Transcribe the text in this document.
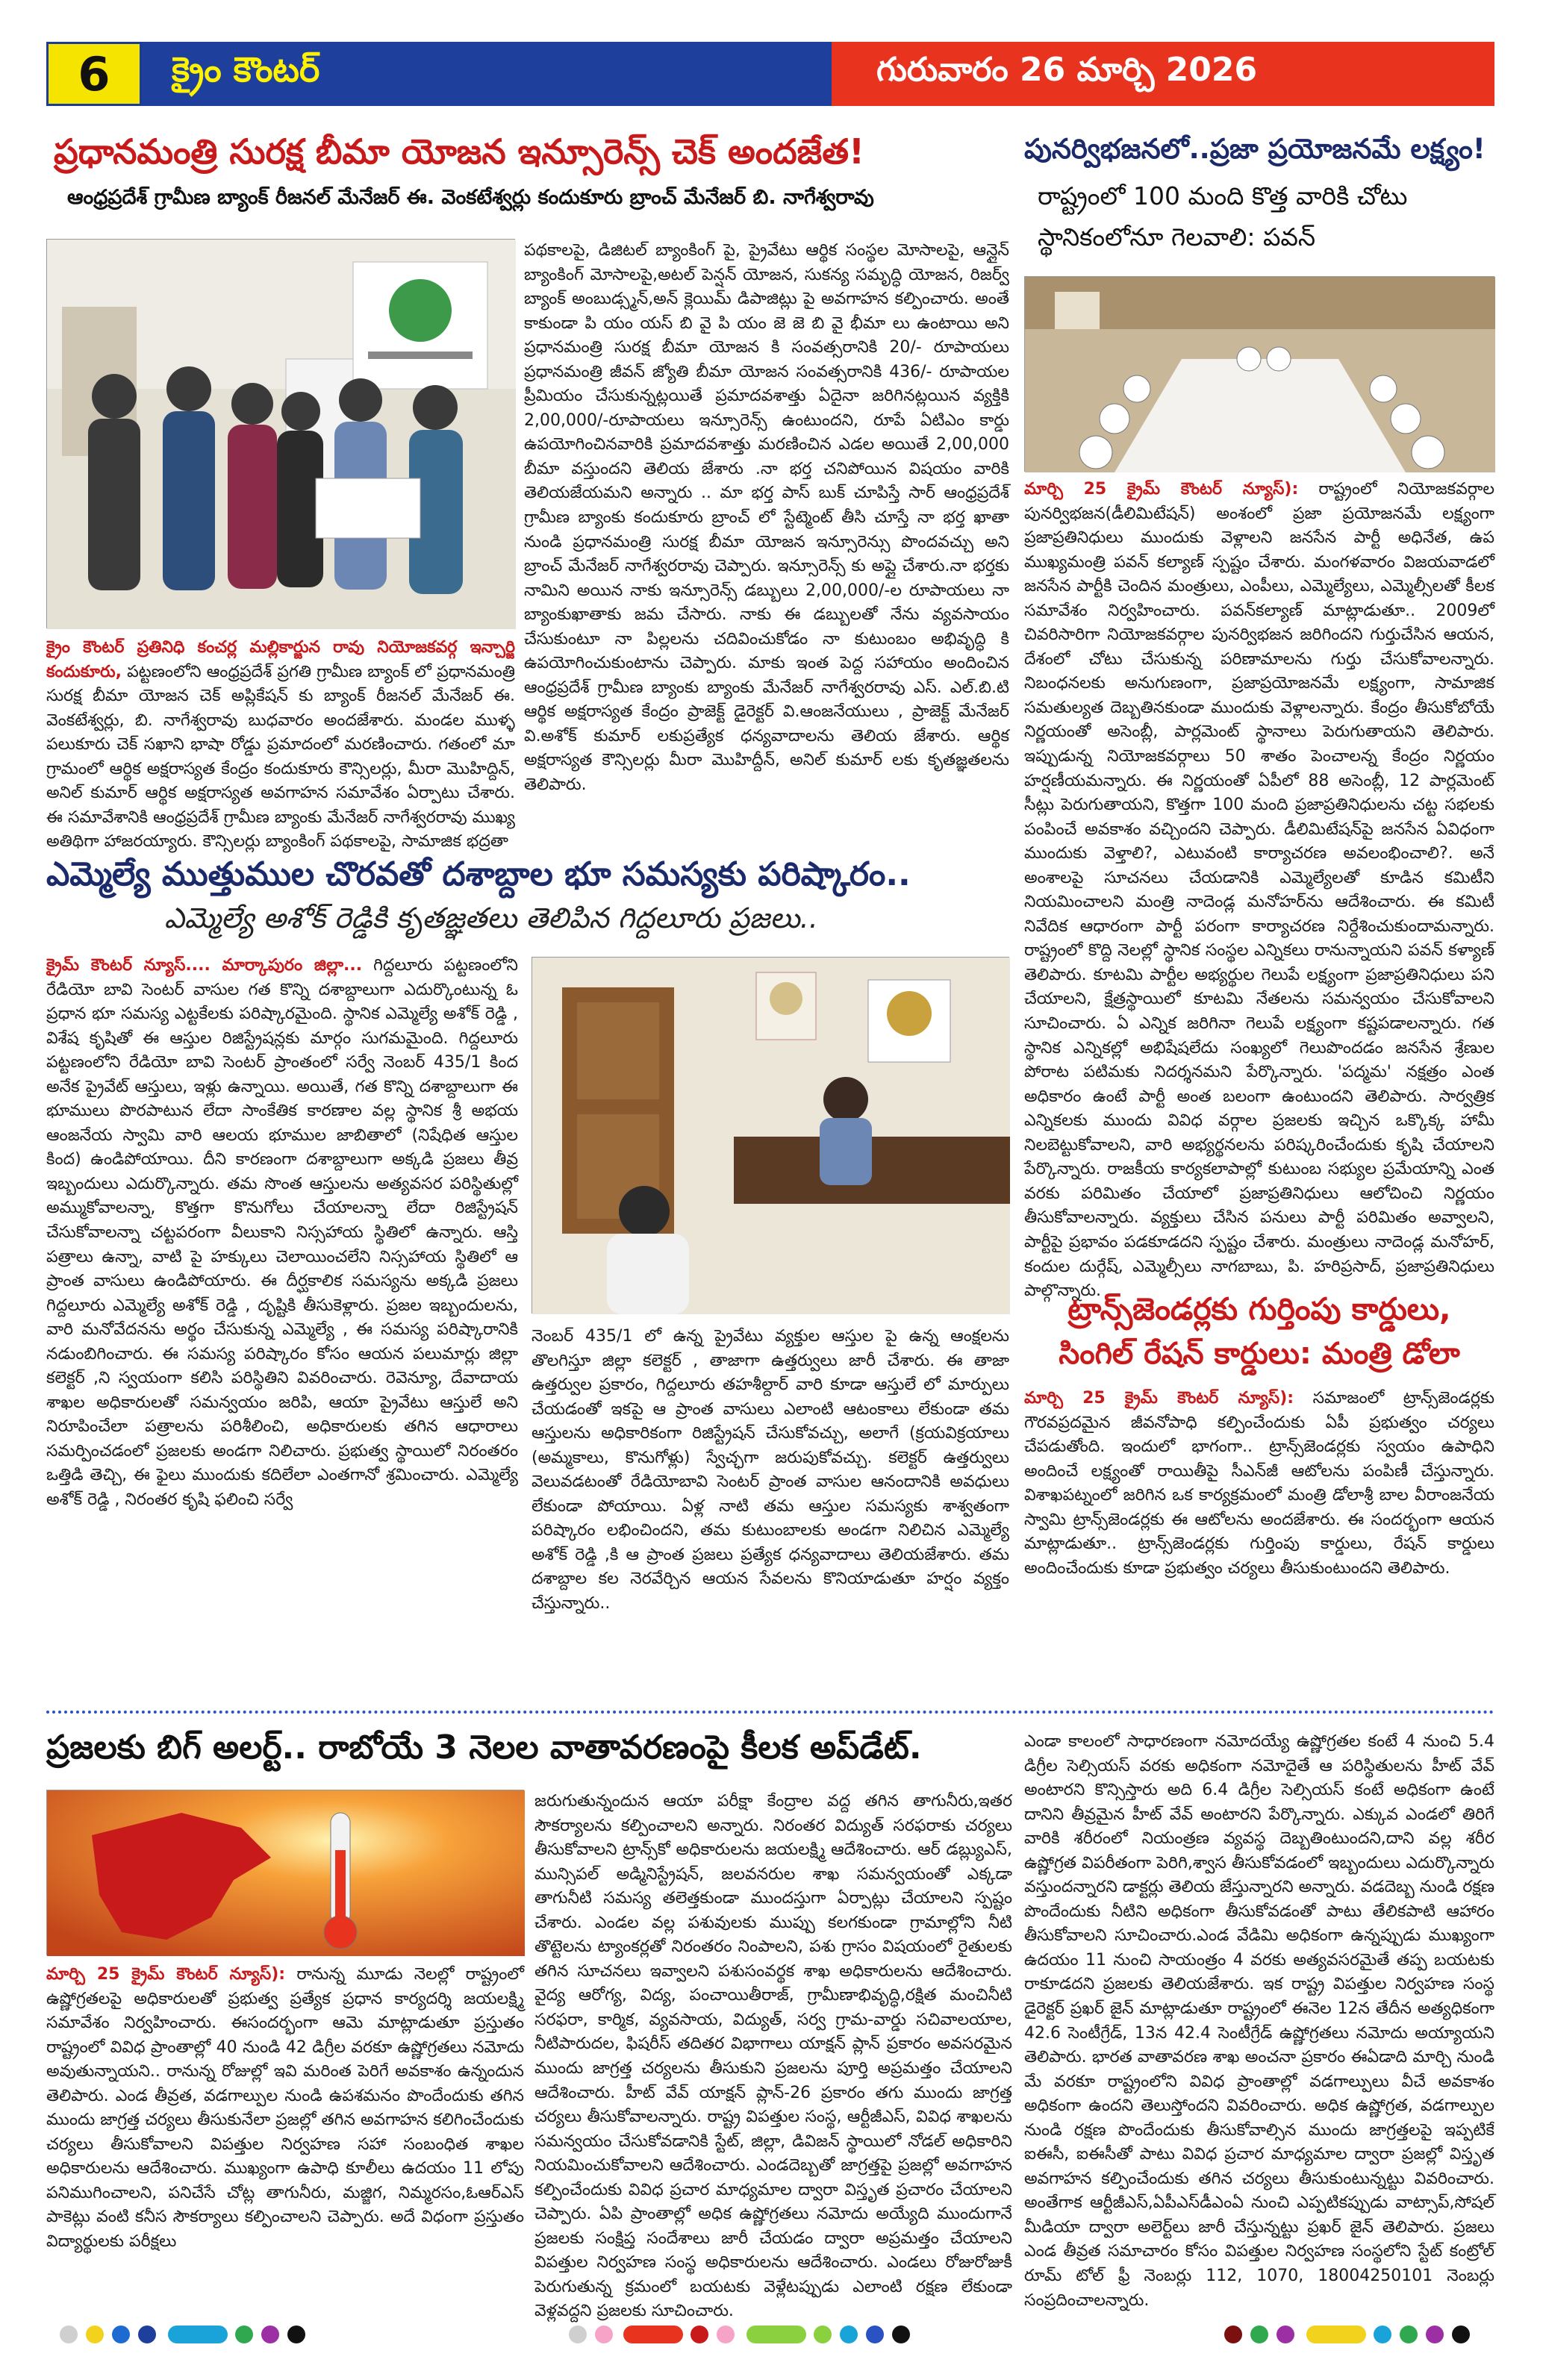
6	క్రైం కౌంటర్	గురువారం 26 మార్చి 2026
ప్రధానమంత్రి సురక్ష బీమా యోజన ఇన్సూరెన్స్ చెక్ అందజేత!
ఆంధ్రప్రదేశ్ గ్రామీణ బ్యాంక్ రీజనల్ మేనేజర్ ఈ. వెంకటేశ్వర్లు కందుకూరు బ్రాంచ్ మేనేజర్ బి. నాగేశ్వరావు
క్రైం కౌంటర్ ప్రతినిధి కంచర్ల మల్లికార్జున రావు నియోజకవర్గ ఇన్చార్జి కందుకూరు, పట్టణంలోని ఆంధ్రప్రదేశ్ ప్రగతి గ్రామీణ బ్యాంక్ లో ప్రధానమంత్రి సురక్ష బీమా యోజన చెక్ అప్లికేషన్ కు బ్యాంక్ రీజనల్ మేనేజర్ ఈ. వెంకటేశ్వర్లు, బి. నాగేశ్వరావు బుధవారం అందజేశారు. మండల ముళ్ళ పలుకూరు చెక్ సఖాని భాషా రోడ్డు ప్రమాదంలో మరణించారు. గతంలో మా గ్రామంలో ఆర్థిక అక్షరాస్యత కేంద్రం కందుకూరు కౌన్సిలర్లు, మీరా మొహిద్దిన్, అనిల్ కుమార్ ఆర్థిక అక్షరాస్యత అవగాహన సమావేశం ఏర్పాటు చేశారు. ఈ సమావేశానికి ఆంధ్రప్రదేశ్ గ్రామీణ బ్యాంకు మేనేజర్ నాగేశ్వరరావు ముఖ్య అతిథిగా హాజరయ్యారు. కౌన్సిలర్లు బ్యాంకింగ్ పథకాలపై, సామాజిక భద్రతా
పథకాలపై, డిజిటల్ బ్యాంకింగ్ పై, ప్రైవేటు ఆర్థిక సంస్థల మోసాలపై, ఆన్లైన్ బ్యాంకింగ్ మోసాలపై,అటల్ పెన్షన్ యోజన, సుకన్య సమృద్ధి యోజన, రిజర్వ్ బ్యాంక్ అంబుడ్స్మన్,అన్ క్లెయిమ్ డిపాజిట్లు పై అవగాహన కల్పించారు. అంతే కాకుండా పి యం యస్ బి వై పి యం జె జె బి వై భీమా లు ఉంటాయి అని ప్రధానమంత్రి సురక్ష బీమా యోజన కి సంవత్సరానికి 20/- రూపాయలు ప్రధానమంత్రి జీవన్ జ్యోతి బీమా యోజన సంవత్సరానికి 436/- రూపాయల ప్రీమియం చేసుకున్నట్లయితే ప్రమాదవశాత్తు ఏదైనా జరిగినట్లయిన వ్యక్తికి 2,00,000/-రూపాయలు ఇన్సూరెన్స్ ఉంటుందని, రూపే ఏటిఎం కార్డు ఉపయోగించినవారికి ప్రమాదవశాత్తు మరణించిన ఎడల అయితే 2,00,000 బీమా వస్తుందని తెలియ జేశారు .నా భర్త చనిపోయిన విషయం వారికి తెలియజేయమని అన్నారు .. మా భర్త పాస్ బుక్ చూపిస్తే సార్ ఆంధ్రప్రదేశ్ గ్రామీణ బ్యాంకు కందుకూరు బ్రాంచ్ లో స్టేట్మెంట్ తీసి చూస్తే నా భర్త ఖాతా నుండి ప్రధానమంత్రి సురక్ష బీమా యోజన ఇన్సూరెన్సు పొందవచ్చు అని బ్రాంచ్ మేనేజర్ నాగేశ్వరరావు చెప్పారు. ఇన్సూరెన్స్ కు అప్లై చేశారు.నా భర్తకు నామిని అయిన నాకు ఇన్సూరెన్స్ డబ్బులు 2,00,000/-ల రూపాయలు నా బ్యాంకుఖాతాకు జమ చేసారు. నాకు ఈ డబ్బులతో నేను వ్యవసాయం చేసుకుంటూ నా పిల్లలను చదివించుకోడం నా కుటుంబం అభివృద్ధి కి ఉపయోగించుకుంటాను చెప్పారు. మాకు ఇంత పెద్ద సహాయం అందించిన ఆంధ్రప్రదేశ్ గ్రామీణ బ్యాంకు బ్యాంకు మేనేజర్ నాగేశ్వరరావు ఎస్. ఎల్.బి.టి ఆర్థిక అక్షరాస్యత కేంద్రం ప్రాజెక్ట్ డైరెక్టర్ వి.ఆంజనేయులు , ప్రాజెక్ట్ మేనేజర్ వి.అశోక్ కుమార్ లకుప్రత్యేక ధన్యవాదాలను తెలియ జేశారు. ఆర్థిక అక్షరాస్యత కౌన్సిలర్లు మీరా మొహిద్దీన్, అనిల్ కుమార్ లకు కృతజ్ఞతలను తెలిపారు.
పునర్విభజనలో..ప్రజా ప్రయోజనమే లక్ష్యం!
రాష్ట్రంలో 100 మంది కొత్త వారికి చోటు
స్థానికంలోనూ గెలవాలి: పవన్
మార్చి 25 క్రైమ్ కౌంటర్ న్యూస్): రాష్ట్రంలో నియోజకవర్గాల పునర్విభజన(డీలిమిటేషన్) అంశంలో ప్రజా ప్రయోజనమే లక్ష్యంగా ప్రజాప్రతినిధులు ముందుకు వెళ్లాలని జనసేన పార్టీ అధినేత, ఉప ముఖ్యమంత్రి పవన్ కల్యాణ్ స్పష్టం చేశారు. మంగళవారం విజయవాడలో జనసేన పార్టీకి చెందిన మంత్రులు, ఎంపీలు, ఎమ్మెల్యేలు, ఎమ్మెల్సీలతో కీలక సమావేశం నిర్వహించారు. పవన్‌కల్యాణ్ మాట్లాడుతూ.. 2009లో చివరిసారిగా నియోజకవర్గాల పునర్విభజన జరిగిందని గుర్తుచేసిన ఆయన, దేశంలో చోటు చేసుకున్న పరిణామాలను గుర్తు చేసుకోవాలన్నారు. నిబంధనలకు అనుగుణంగా, ప్రజాప్రయోజనమే లక్ష్యంగా, సామాజిక సమతుల్యత దెబ్బతినకుండా ముందుకు వెళ్లాలన్నారు. కేంద్రం తీసుకోబోయే నిర్ణయంతో అసెంబ్లీ, పార్లమెంట్ స్థానాలు పెరుగుతాయని తెలిపారు. ఇప్పుడున్న నియోజకవర్గాలు 50 శాతం పెంచాలన్న కేంద్రం నిర్ణయం హర్షణీయమన్నారు. ఈ నిర్ణయంతో ఏపీలో 88 అసెంబ్లీ, 12 పార్లమెంట్ సీట్లు పెరుగుతాయని, కొత్తగా 100 మంది ప్రజాప్రతినిధులను చట్ట సభలకు పంపించే అవకాశం వచ్చిందని చెప్పారు. డీలిమిటేషన్‌పై జనసేన ఏవిధంగా ముందుకు వెళ్తాలి?, ఎటువంటి కార్యాచరణ అవలంభించాలి?. అనే అంశాలపై సూచనలు చేయడానికి ఎమ్మెల్యేలతో కూడిన కమిటీని నియమించాలని మంత్రి నాదెండ్ల మనోహర్‌ను ఆదేశించారు. ఈ కమిటీ నివేదిక ఆధారంగా పార్టీ పరంగా కార్యాచరణ నిర్దేశించుకుందామన్నారు. రాష్ట్రంలో కొద్ది నెలల్లో స్థానిక సంస్థల ఎన్నికలు రానున్నాయని పవన్ కళ్యాణ్ తెలిపారు. కూటమి పార్టీల అభ్యర్థుల గెలుపే లక్ష్యంగా ప్రజాప్రతినిధులు పని చేయాలని, క్షేత్రస్థాయిలో కూటమి నేతలను సమన్వయం చేసుకోవాలని సూచించారు. ఏ ఎన్నిక జరిగినా గెలుపే లక్ష్యంగా కష్టపడాలన్నారు. గత స్థానిక ఎన్నికల్లో అభిషేషలేదు సంఖ్యలో గెలుపొందడం జనసేన శ్రేణుల పోరాట పటిమకు నిదర్శనమని పేర్కొన్నారు. 'పద్మమ' నక్షత్రం ఎంత అధికారం ఉంటే పార్టీ అంత బలంగా ఉంటుందని తెలిపారు. సార్వత్రిక ఎన్నికలకు ముందు వివిధ వర్గాల ప్రజలకు ఇచ్చిన ఒక్కొక్క హామీ నిలబెట్టుకోవాలని, వారి అభ్యర్థనలను పరిష్కరించేందుకు కృషి చేయాలని పేర్కొన్నారు. రాజకీయ కార్యకలాపాల్లో కుటుంబ సభ్యుల ప్రమేయాన్ని ఎంత వరకు పరిమితం చేయాలో ప్రజాప్రతినిధులు ఆలోచించి నిర్ణయం తీసుకోవాలన్నారు. వ్యక్తులు చేసిన పనులు పార్టీ పరిమితం అవ్వాలని, పార్టీపై ప్రభావం పడకూడదని స్పష్టం చేశారు. మంత్రులు నాదెండ్ల మనోహర్, కందుల దుర్గేష్, ఎమ్మెల్సీలు నాగబాబు, పి. హరిప్రసాద్, ప్రజాప్రతినిధులు పాల్గొన్నారు.
ఎమ్మెల్యే ముత్తుముల చొరవతో దశాబ్దాల భూ సమస్యకు పరిష్కారం..
ఎమ్మెల్యే అశోక్ రెడ్డికి కృతజ్ఞతలు తెలిపిన గిద్దలూరు ప్రజలు..
క్రైమ్ కౌంటర్ న్యూస్.... మార్కాపురం జిల్లా... గిద్దలూరు పట్టణంలోని రేడియో బావి సెంటర్ వాసుల గత కొన్ని దశాబ్దాలుగా ఎదుర్కొంటున్న ఓ ప్రధాన భూ సమస్య ఎట్టకేలకు పరిష్కారమైంది. స్థానిక ఎమ్మెల్యే అశోక్ రెడ్డి , విశేష కృషితో ఈ ఆస్తుల రిజిస్ట్రేషన్లకు మార్గం సుగమమైంది. గిద్దలూరు పట్టణంలోని రేడియో బావి సెంటర్ ప్రాంతంలో సర్వే నెంబర్ 435/1 కింద అనేక ప్రైవేట్ ఆస్తులు, ఇళ్లు ఉన్నాయి. అయితే, గత కొన్ని దశాబ్దాలుగా ఈ భూములు పొరపాటున లేదా సాంకేతిక కారణాల వల్ల స్థానిక శ్రీ అభయ ఆంజనేయ స్వామి వారి ఆలయ భూముల జాబితాలో (నిషేధిత ఆస్తుల కింద) ఉండిపోయాయి. దీని కారణంగా దశాబ్దాలుగా అక్కడి ప్రజలు తీవ్ర ఇబ్బందులు ఎదుర్కొన్నారు. తమ సొంత ఆస్తులను అత్యవసర పరిస్థితుల్లో అమ్ముకోవాలన్నా, కొత్తగా కొనుగోలు చేయాలన్నా లేదా రిజిస్ట్రేషన్ చేసుకోవాలన్నా చట్టపరంగా వీలుకాని నిస్సహాయ స్థితిలో ఉన్నారు. ఆస్తి పత్రాలు ఉన్నా, వాటి పై హక్కులు చెలాయించలేని నిస్సహాయ స్థితిలో ఆ ప్రాంత వాసులు ఉండిపోయారు. ఈ దీర్ఘకాలిక సమస్యను అక్కడి ప్రజలు గిద్దలూరు ఎమ్మెల్యే అశోక్ రెడ్డి , దృష్టికి తీసుకెళ్లారు. ప్రజల ఇబ్బందులను, వారి మనోవేదనను అర్థం చేసుకున్న ఎమ్మెల్యే , ఈ సమస్య పరిష్కారానికి నడుంబిగించారు. ఈ సమస్య పరిష్కారం కోసం ఆయన పలుమార్లు జిల్లా కలెక్టర్ ,ని స్వయంగా కలిసి పరిస్థితిని వివరించారు. రెవెన్యూ, దేవాదాయ శాఖల అధికారులతో సమన్వయం జరిపి, ఆయా ప్రైవేటు ఆస్తులే అని నిరూపించేలా పత్రాలను పరిశీలించి, అధికారులకు తగిన ఆధారాలు సమర్పించడంలో ప్రజలకు అండగా నిలిచారు. ప్రభుత్వ స్థాయిలో నిరంతరం ఒత్తిడి తెచ్చి, ఈ ఫైలు ముందుకు కదిలేలా ఎంతగానో శ్రమించారు. ఎమ్మెల్యే అశోక్ రెడ్డి , నిరంతర కృషి ఫలించి సర్వే
నెంబర్ 435/1 లో ఉన్న ప్రైవేటు వ్యక్తుల ఆస్తుల పై ఉన్న ఆంక్షలను తొలగిస్తూ జిల్లా కలెక్టర్ , తాజాగా ఉత్తర్వులు జారీ చేశారు. ఈ తాజా ఉత్తర్వుల ప్రకారం, గిద్దలూరు తహశీల్దార్ వారి కూడా ఆస్తులే లో మార్పులు చేయడంతో ఇకపై ఆ ప్రాంత వాసులు ఎలాంటి ఆటంకాలు లేకుండా తమ ఆస్తులను అధికారికంగా రిజిస్ట్రేషన్ చేసుకోవచ్చు, అలాగే (క్రయవిక్రయాలు (అమ్మకాలు, కొనుగోళ్లు) స్వేచ్ఛగా జరుపుకోవచ్చు. కలెక్టర్ ఉత్తర్వులు వెలువడటంతో రేడియోబావి సెంటర్ ప్రాంత వాసుల ఆనందానికి అవధులు లేకుండా పోయాయి. ఏళ్ల నాటి తమ ఆస్తుల సమస్యకు శాశ్వతంగా పరిష్కారం లభించిందని, తమ కుటుంబాలకు అండగా నిలిచిన ఎమ్మెల్యే అశోక్ రెడ్డి ,కి ఆ ప్రాంత ప్రజలు ప్రత్యేక ధన్యవాదాలు తెలియజేశారు. తమ దశాబ్దాల కల నెరవేర్చిన ఆయన సేవలను కొనియాడుతూ హర్షం వ్యక్తం చేస్తున్నారు..
ట్రాన్స్‌జెండర్లకు గుర్తింపు కార్డులు,
సింగిల్ రేషన్ కార్డులు: మంత్రి డోలా
మార్చి 25 క్రైమ్ కౌంటర్ న్యూస్): సమాజంలో ట్రాన్స్‌జెండర్లకు గౌరవప్రదమైన జీవనోపాధి కల్పించేందుకు ఏపీ ప్రభుత్వం చర్యలు చేపడుతోంది. ఇందులో భాగంగా.. ట్రాన్స్‌జెండర్లకు స్వయం ఉపాధిని అందించే లక్ష్యంతో రాయితీపై సీఎన్‌జీ ఆటోలను పంపిణీ చేస్తున్నారు. విశాఖపట్నంలో జరిగిన ఒక కార్యక్రమంలో మంత్రి డోలాశ్రీ బాల వీరాంజనేయ స్వామి ట్రాన్స్‌జెండర్లకు ఈ ఆటోలను అందజేశారు. ఈ సందర్భంగా ఆయన మాట్లాడుతూ.. ట్రాన్స్‌జెండర్లకు గుర్తింపు కార్డులు, రేషన్ కార్డులు అందించేందుకు కూడా ప్రభుత్వం చర్యలు తీసుకుంటుందని తెలిపారు.
ప్రజలకు బిగ్ అలర్ట్.. రాబోయే 3 నెలల వాతావరణంపై కీలక అప్‌డేట్.
మార్చి 25 క్రైమ్ కౌంటర్ న్యూస్): రానున్న మూడు నెలల్లో రాష్ట్రంలో ఉష్ణోగ్రతలపై అధికారులతో ప్రభుత్వ ప్రత్యేక ప్రధాన కార్యదర్శి జయలక్ష్మి సమావేశం నిర్వహించారు. ఈసందర్భంగా ఆమె మాట్లాడుతూ ప్రస్తుతం రాష్ట్రంలో వివిధ ప్రాంతాల్లో 40 నుండి 42 డిగ్రీల వరకూ ఉష్ణోగ్రతలు నమోదు అవుతున్నాయని.. రానున్న రోజుల్లో ఇవి మరింత పెరిగే అవకాశం ఉన్నందున తెలిపారు. ఎండ తీవ్రత, వడగాల్పుల నుండి ఉపశమనం పొందేందుకు తగిన ముందు జాగ్రత్త చర్యలు తీసుకునేలా ప్రజల్లో తగిన అవగాహన కలిగించేందుకు చర్యలు తీసుకోవాలని విపత్తుల నిర్వహణ సహా సంబంధిత శాఖల అధికారులను ఆదేశించారు. ముఖ్యంగా ఉపాధి కూలీలు ఉదయం 11 లోపు పనిముగించాలని, పనిచేసే చోట్ల తాగునీరు, మజ్జిగ, నిమ్మరసం,ఓఆర్ఎస్ పాకెట్లు వంటి కనీస సౌకర్యాలు కల్పించాలని చెప్పారు. అదే విధంగా ప్రస్తుతం విద్యార్థులకు పరీక్షలు
జరుగుతున్నందున ఆయా పరీక్షా కేంద్రాల వద్ద తగిన తాగునీరు,ఇతర సౌకర్యాలను కల్పించాలని అన్నారు. నిరంతర విద్యుత్ సరఫరాకు చర్యలు తీసుకోవాలని ట్రాన్స్‌కో అధికారులను జయలక్ష్మి ఆదేశించారు. ఆర్ డబ్ల్యుఎస్, మున్సిపల్ అడ్మినిస్ట్రేషన్, జలవనరుల శాఖ సమన్వయంతో ఎక్కడా తాగునీటి సమస్య తలెత్తకుండా ముందస్తుగా ఏర్పాట్లు చేయాలని స్పష్టం చేశారు. ఎండల వల్ల పశువులకు ముప్పు కలగకుండా గ్రామాల్లోని నీటి తొట్టెలను ట్యాంకర్లతో నిరంతరం నింపాలని, పశు గ్రాసం విషయంలో రైతులకు తగిన సూచనలు ఇవ్వాలని పశుసంవర్థక శాఖ అధికారులను ఆదేశించారు. వైద్య ఆరోగ్య, విద్య, పంచాయితీరాజ్, గ్రామీణాభివృద్ధి,రక్షిత మంచినీటి సరఫరా, కార్మిక, వ్యవసాయ, విద్యుత్, సర్వ గ్రామ-వార్డు సచివాలయాల, నీటిపారుదల, ఫిషరీస్ తదితర విభాగాలు యాక్షన్ ప్లాన్ ప్రకారం అవసరమైన ముందు జాగ్రత్త చర్యలను తీసుకుని ప్రజలను పూర్తి అప్రమత్తం చేయాలని ఆదేశించారు. హీట్ వేవ్ యాక్షన్ ప్లాన్-26 ప్రకారం తగు ముందు జాగ్రత్త చర్యలు తీసుకోవాలన్నారు. రాష్ట్ర విపత్తుల సంస్థ, ఆర్టీజీఎస్, వివిధ శాఖలను సమన్వయం చేసుకోవడానికి స్టేట్, జిల్లా, డివిజన్ స్థాయిలో నోడల్ అధికారిని నియమించుకోవాలని ఆదేశించారు. ఎండదెబ్బతో జాగ్రత్తపై ప్రజల్లో అవగాహన కల్పించేందుకు వివిధ ప్రచార మాధ్యమాల ద్వారా విస్తృత ప్రచారం చేయాలని చెప్పారు. ఏపి ప్రాంతాల్లో అధిక ఉష్ణోగ్రతలు నమోదు అయ్యేది ముందుగానే ప్రజలకు సంక్షిప్త సందేశాలు జారీ చేయడం ద్వారా అప్రమత్తం చేయాలని విపత్తుల నిర్వహణ సంస్థ అధికారులను ఆదేశించారు. ఎండలు రోజురోజుకీ పెరుగుతున్న క్రమంలో బయటకు వెళ్లేటప్పుడు ఎలాంటి రక్షణ లేకుండా వెళ్లవద్దని ప్రజలకు సూచించారు.
ఎండా కాలంలో సాధారణంగా నమోదయ్యే ఉష్ణోగ్రతల కంటే 4 నుంచి 5.4 డిగ్రీల సెల్సియస్ వరకు అధికంగా నమోదైతే ఆ పరిస్థితులను హీట్ వేవ్ అంటారని కొన్సిస్తారు అది 6.4 డిగ్రీల సెల్సియస్ కంటే అధికంగా ఉంటే దానిని తీవ్రమైన హీట్ వేవ్ అంటారని పేర్కొన్నారు. ఎక్కువ ఎండలో తిరిగే వారికి శరీరంలో నియంత్రణ వ్యవస్థ దెబ్బతింటుందని,దాని వల్ల శరీర ఉష్ణోగ్రత విపరీతంగా పెరిగి,శ్వాస తీసుకోవడంలో ఇబ్బందులు ఎదుర్కొన్నారు వస్తుందన్నారని డాక్టర్లు తెలియ జేస్తున్నారని అన్నారు. వడదెబ్బ నుండి రక్షణ పొందేందుకు నీటిని అధికంగా తీసుకోవడంతో పాటు తేలికపాటి ఆహారం తీసుకోవాలని సూచించారు.ఎండ వేడిమి అధికంగా ఉన్నప్పుడు ముఖ్యంగా ఉదయం 11 నుంచి సాయంత్రం 4 వరకు అత్యవసరమైతే తప్ప బయటకు రాకూడదని ప్రజలకు తెలియజేశారు. ఇక రాష్ట్ర విపత్తుల నిర్వహణ సంస్థ డైరెక్టర్ ప్రఖర్ జైన్ మాట్లాడుతూ రాష్ట్రంలో ఈనెల 12న తేదీన అత్యధికంగా 42.6 సెంటీగ్రేడ్, 13న 42.4 సెంటీగ్రేడ్ ఉష్ణోగ్రతలు నమోదు అయ్యాయని తెలిపారు. భారత వాతావరణ శాఖ అంచనా ప్రకారం ఈఏడాది మార్చి నుండి మే వరకూ రాష్ట్రంలోని వివిధ ప్రాంతాల్లో వడగాల్పులు వీచే అవకాశం అధికంగా ఉందని తెలుస్తోందని వివరించారు. అధిక ఉష్ణోగ్రత, వడగాల్పుల నుండి రక్షణ పొందేందుకు తీసుకోవాల్సిన ముందు జాగ్రత్తలపై ఇప్పటికే ఐఈసీ, ఐఈసీతో పాటు వివిధ ప్రచార మాధ్యమాల ద్వారా ప్రజల్లో విస్తృత అవగాహన కల్పించేందుకు తగిన చర్యలు తీసుకుంటున్నట్టు వివరించారు. అంతేగాక ఆర్టీజీఎస్,ఏపీఎస్‌డీఎంఏ నుంచి ఎప్పటికప్పుడు వాట్సాప్,సోషల్ మీడియా ద్వారా అలెర్ట్‌లు జారీ చేస్తున్నట్టు ప్రఖర్ జైన్ తెలిపారు. ప్రజలు ఎండ తీవ్రత సమాచారం కోసం విపత్తుల నిర్వహణ సంస్థలోని స్టేట్ కంట్రోల్ రూమ్ టోల్ ఫ్రీ నెంబర్లు 112, 1070, 18004250101 నెంబర్లు సంప్రదించాలన్నారు.
